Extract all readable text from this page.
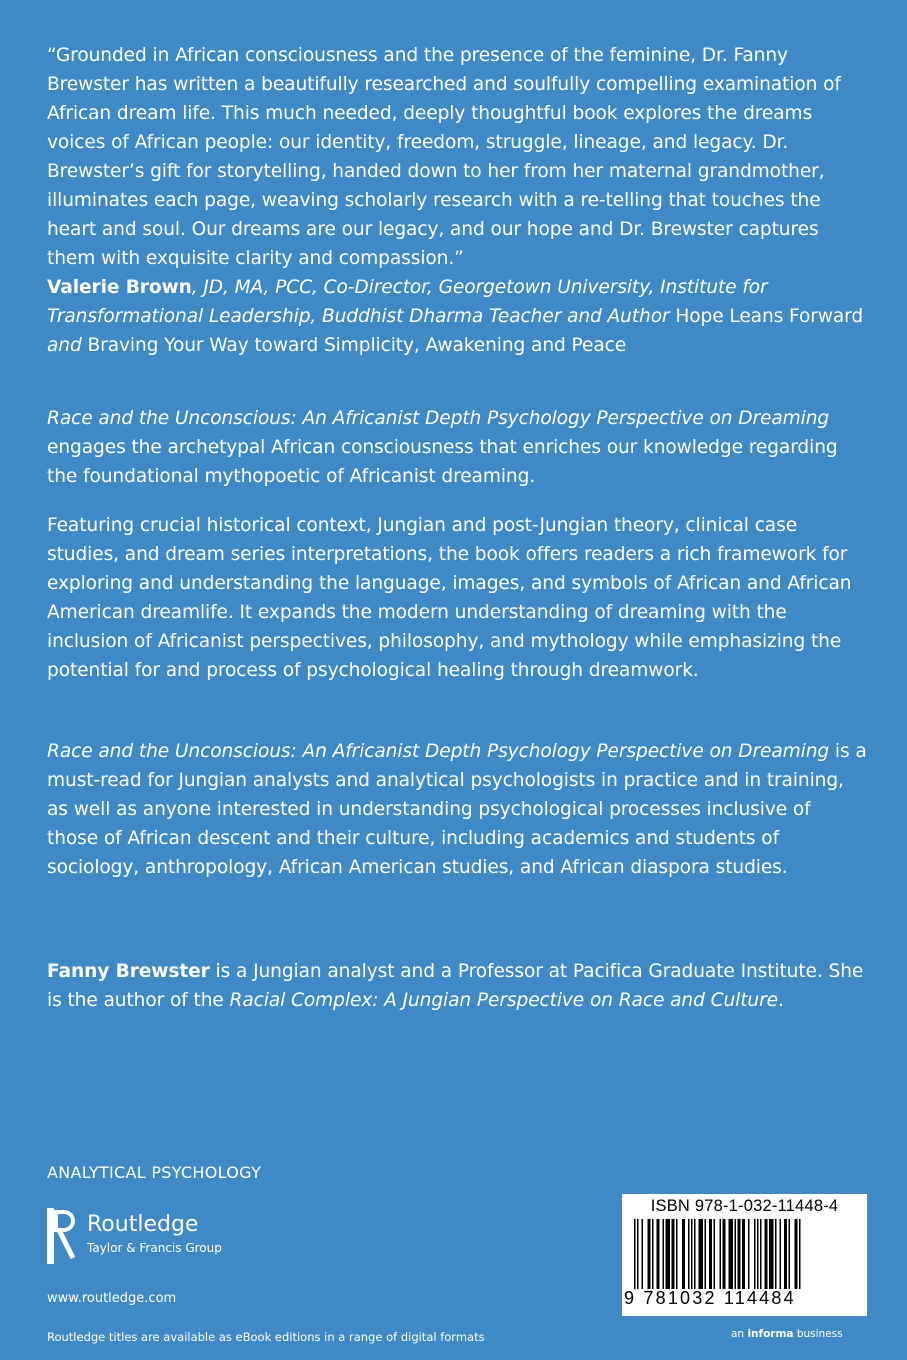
“Grounded in African consciousness and the presence of the feminine, Dr. Fanny Brewster has written a beautifully researched and soulfully compelling examination of African dream life. This much needed, deeply thoughtful book explores the dreams voices of African people: our identity, freedom, struggle, lineage, and legacy. Dr. Brewster’s gift for storytelling, handed down to her from her maternal grandmother, illuminates each page, weaving scholarly research with a re-telling that touches the heart and soul. Our dreams are our legacy, and our hope and Dr. Brewster captures them with exquisite clarity and compassion.”
Valerie Brown, JD, MA, PCC, Co-Director, Georgetown University, Institute for Transformational Leadership, Buddhist Dharma Teacher and Author Hope Leans Forward and Braving Your Way toward Simplicity, Awakening and Peace

Race and the Unconscious: An Africanist Depth Psychology Perspective on Dreaming engages the archetypal African consciousness that enriches our knowledge regarding the foundational mythopoetic of Africanist dreaming.

Featuring crucial historical context, Jungian and post-Jungian theory, clinical case studies, and dream series interpretations, the book offers readers a rich framework for exploring and understanding the language, images, and symbols of African and African American dreamlife. It expands the modern understanding of dreaming with the inclusion of Africanist perspectives, philosophy, and mythology while emphasizing the potential for and process of psychological healing through dreamwork.

Race and the Unconscious: An Africanist Depth Psychology Perspective on Dreaming is a must-read for Jungian analysts and analytical psychologists in practice and in training, as well as anyone interested in understanding psychological processes inclusive of those of African descent and their culture, including academics and students of sociology, anthropology, African American studies, and African diaspora studies.

Fanny Brewster is a Jungian analyst and a Professor at Pacifica Graduate Institute. She is the author of the Racial Complex: A Jungian Perspective on Race and Culture.

ANALYTICAL PSYCHOLOGY
Routledge
Taylor & Francis Group
www.routledge.com
Routledge titles are available as eBook editions in a range of digital formats
ISBN 978-1-032-11448-4
9 781032 114484
an informa business
